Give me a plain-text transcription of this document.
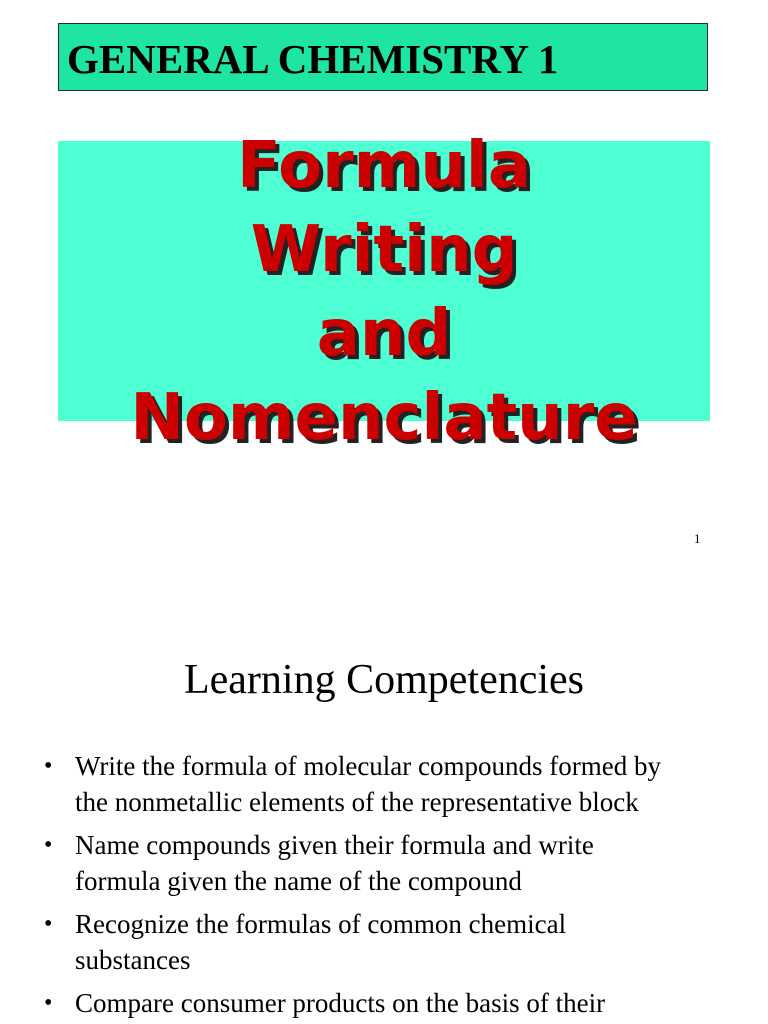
GENERAL CHEMISTRY 1
Formula
Writing
and
Nomenclature
1
Learning Competencies
• Write the formula of molecular compounds formed by
the nonmetallic elements of the representative block
• Name compounds given their formula and write
formula given the name of the compound
• Recognize the formulas of common chemical
substances
• Compare consumer products on the basis of their
